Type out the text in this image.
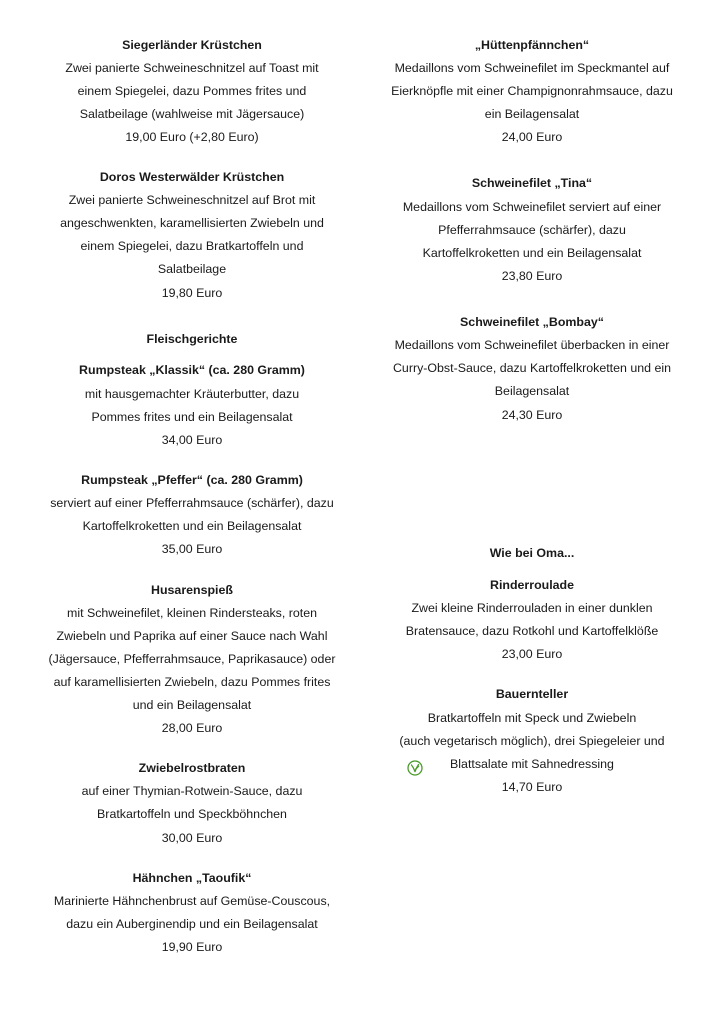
Siegerländer Krüstchen
Zwei panierte Schweineschnitzel auf Toast mit
einem Spiegelei, dazu Pommes frites und
Salatbeilage (wahlweise mit Jägersauce)
19,00 Euro (+2,80 Euro)
Doros Westerwälder Krüstchen
Zwei panierte Schweineschnitzel auf Brot mit
angeschwenkten, karamellisierten Zwiebeln und
einem Spiegelei, dazu Bratkartoffeln und
Salatbeilage
19,80 Euro
Fleischgerichte
Rumpsteak „Klassik“ (ca. 280 Gramm)
mit hausgemachter Kräuterbutter, dazu
Pommes frites und ein Beilagensalat
34,00 Euro
Rumpsteak „Pfeffer“ (ca. 280 Gramm)
serviert auf einer Pfefferrahmsauce (schärfer), dazu
Kartoffelkroketten und ein Beilagensalat
35,00 Euro
Husarenspieß
mit Schweinefilet, kleinen Rindersteaks, roten
Zwiebeln und Paprika auf einer Sauce nach Wahl
(Jägersauce, Pfefferrahmsauce, Paprikasauce) oder
auf karamellisierten Zwiebeln, dazu Pommes frites
und ein Beilagensalat
28,00 Euro
Zwiebelrostbraten
auf einer Thymian-Rotwein-Sauce, dazu
Bratkartoffeln und Speckböhnchen
30,00 Euro
Hähnchen „Taoufik“
Marinierte Hähnchenbrust auf Gemüse-Couscous,
dazu ein Auberginendip und ein Beilagensalat
19,90 Euro
„Hüttenpfännchen“
Medaillons vom Schweinefilet im Speckmantel auf
Eierknöpfle mit einer Champignonrahmsauce, dazu
ein Beilagensalat
24,00 Euro
Schweinefilet „Tina“
Medaillons vom Schweinefilet serviert auf einer
Pfefferrahmsauce (schärfer), dazu
Kartoffelkroketten und ein Beilagensalat
23,80 Euro
Schweinefilet „Bombay“
Medaillons vom Schweinefilet überbacken in einer
Curry-Obst-Sauce, dazu Kartoffelkroketten und ein
Beilagensalat
24,30 Euro
Wie bei Oma...
Rinderroulade
Zwei kleine Rinderrouladen in einer dunklen
Bratensauce, dazu Rotkohl und Kartoffelklöße
23,00 Euro
Bauernteller
Bratkartoffeln mit Speck und Zwiebeln
(auch vegetarisch möglich), drei Spiegeleier und
Blattsalate mit Sahnedressing
14,70 Euro
